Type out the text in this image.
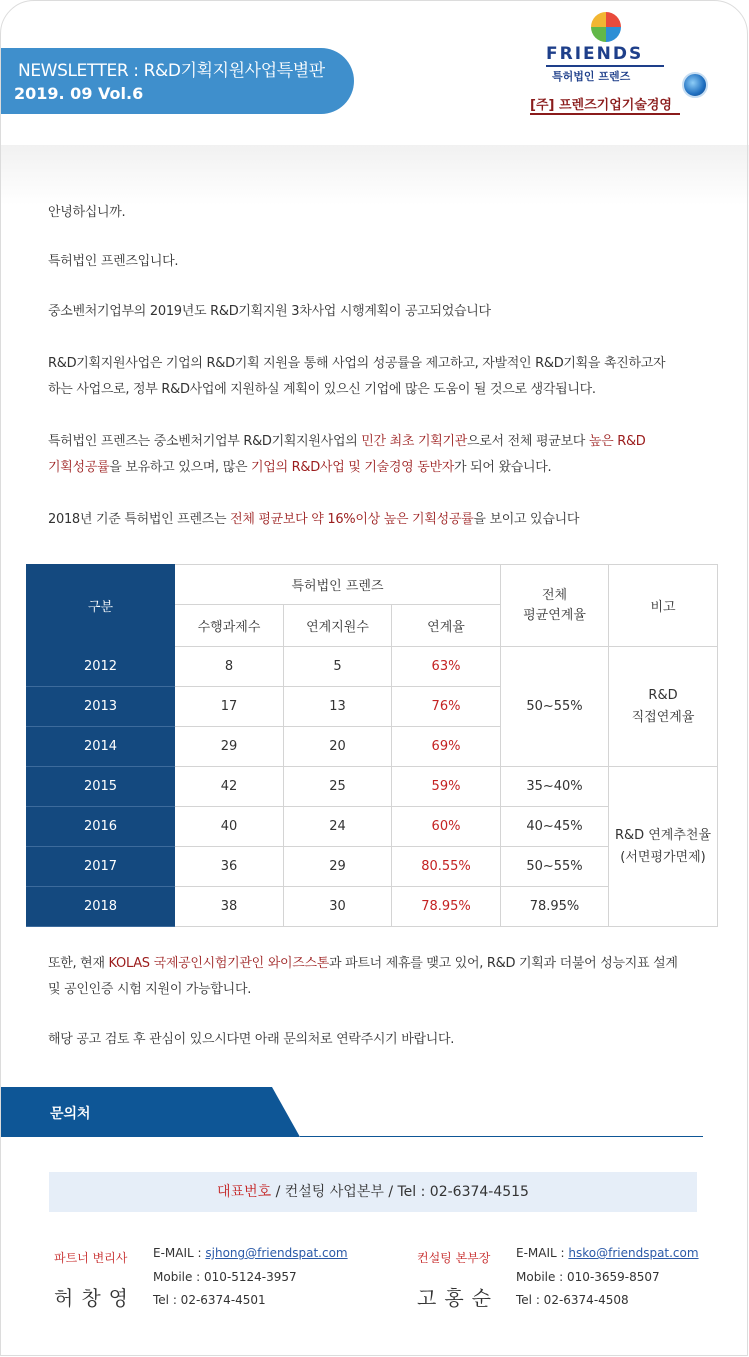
NEWSLETTER : R&D기획지원사업특별판
2019. 09 Vol.6
FRIENDS
특허법인 프렌즈
[주] 프렌즈기업기술경영
안녕하십니까.
특허법인 프렌즈입니다.
중소벤처기업부의 2019년도 R&D기획지원 3차사업 시행계획이 공고되었습니다
R&D기획지원사업은 기업의 R&D기획 지원을 통해 사업의 성공률을 제고하고, 자발적인 R&D기획을 촉진하고자
하는 사업으로, 정부 R&D사업에 지원하실 계획이 있으신 기업에 많은 도움이 될 것으로 생각됩니다.
특허법인 프렌즈는 중소벤처기업부 R&D기획지원사업의 민간 최초 기획기관으로서 전체 평균보다 높은 R&D
기획성공률을 보유하고 있으며, 많은 기업의 R&D사업 및 기술경영 동반자가 되어 왔습니다.
2018년 기준 특허법인 프렌즈는 전체 평균보다 약 16%이상 높은 기획성공률을 보이고 있습니다
또한, 현재 KOLAS 국제공인시험기관인 와이즈스톤과 파트너 제휴를 맺고 있어, R&D 기획과 더불어 성능지표 설계
및 공인인증 시험 지원이 가능합니다.
해당 공고 검토 후 관심이 있으시다면 아래 문의처로 연락주시기 바랍니다.
구분	특허법인 프렌즈			전체
평균연계율	비고
	수행과제수	연계지원수	연계율		
2012	8	5	63%	50~55%	R&D
직접연계율
2013	17	13	76%		
2014	29	20	69%		
2015	42	25	59%	35~40%	R&D 연계추천율
(서면평가면제)
2016	40	24	60%	40~45%	
2017	36	29	80.55%	50~55%	
2018	38	30	78.95%	78.95%	
문의처
대표번호 / 컨설팅 사업본부 / Tel : 02-6374-4515
파트너 변리사
허창영
E-MAIL : sjhong@friendspat.com
Mobile : 010-5124-3957
Tel : 02-6374-4501
컨설팅 본부장
고홍순
E-MAIL : hsko@friendspat.com
Mobile : 010-3659-8507
Tel : 02-6374-4508
